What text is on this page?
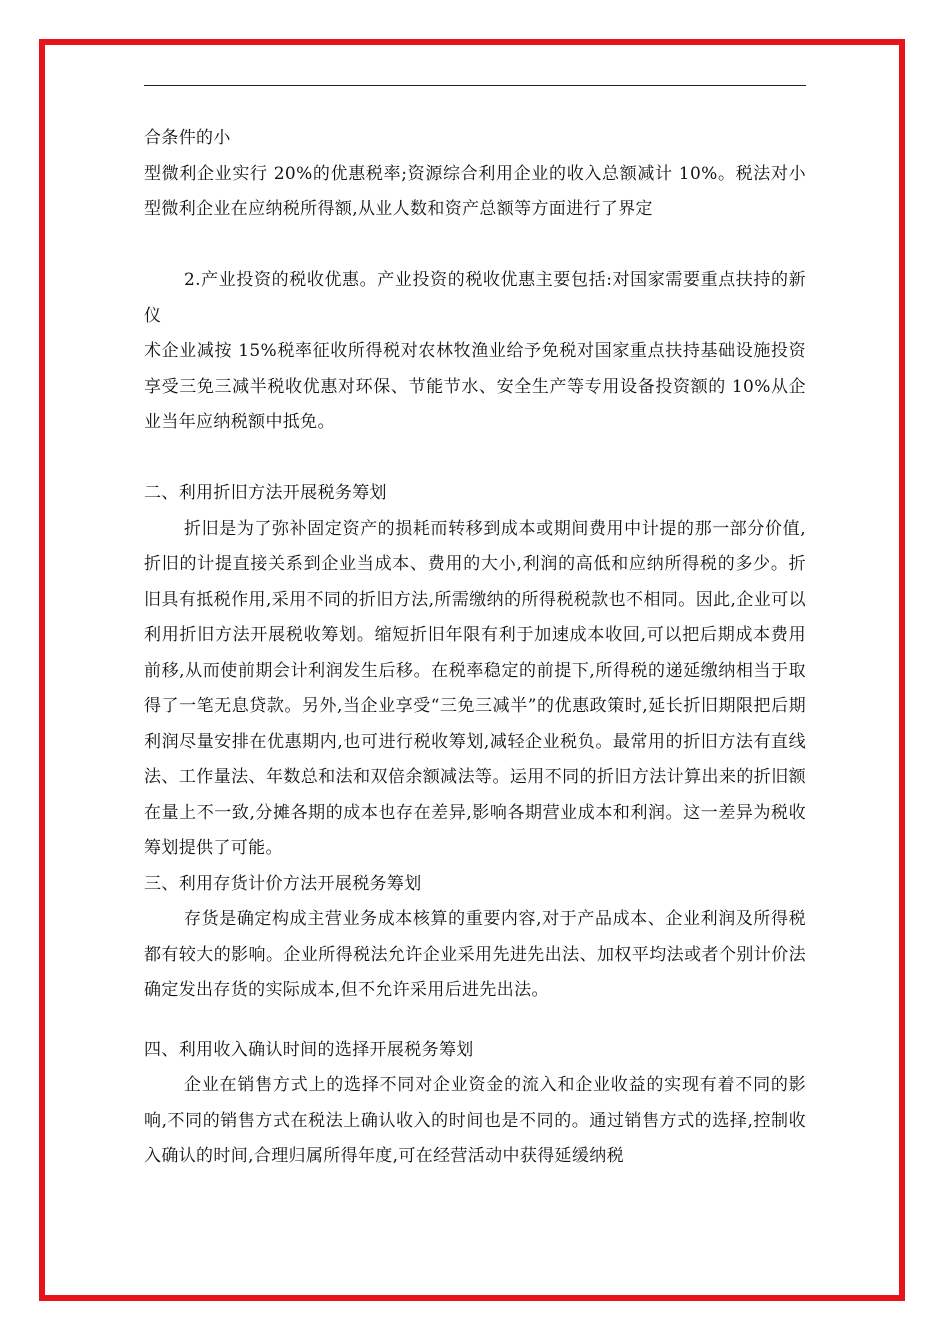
合条件的小

型微利企业实行 20%的优惠税率;资源综合利用企业的收入总额减计 10%。税法对小型微利企业在应纳税所得额,从业人数和资产总额等方面进行了界定

2.产业投资的税收优惠。产业投资的税收优惠主要包括:对国家需要重点扶持的新仪

术企业减按 15%税率征收所得税对农林牧渔业给予免税对国家重点扶持基础设施投资享受三免三减半税收优惠对环保、节能节水、安全生产等专用设备投资额的 10%从企业当年应纳税额中抵免。

二、利用折旧方法开展税务筹划

折旧是为了弥补固定资产的损耗而转移到成本或期间费用中计提的那一部分价值,折旧的计提直接关系到企业当成本、费用的大小,利润的高低和应纳所得税的多少。折旧具有抵税作用,采用不同的折旧方法,所需缴纳的所得税税款也不相同。因此,企业可以利用折旧方法开展税收筹划。缩短折旧年限有利于加速成本收回,可以把后期成本费用前移,从而使前期会计利润发生后移。在税率稳定的前提下,所得税的递延缴纳相当于取得了一笔无息贷款。另外,当企业享受“三免三减半”的优惠政策时,延长折旧期限把后期利润尽量安排在优惠期内,也可进行税收筹划,减轻企业税负。最常用的折旧方法有直线法、工作量法、年数总和法和双倍余额减法等。运用不同的折旧方法计算出来的折旧额在量上不一致,分摊各期的成本也存在差异,影响各期营业成本和利润。这一差异为税收筹划提供了可能。

三、利用存货计价方法开展税务筹划

存货是确定构成主营业务成本核算的重要内容,对于产品成本、企业利润及所得税都有较大的影响。企业所得税法允许企业采用先进先出法、加权平均法或者个别计价法确定发出存货的实际成本,但不允许采用后进先出法。

四、利用收入确认时间的选择开展税务筹划

企业在销售方式上的选择不同对企业资金的流入和企业收益的实现有着不同的影响,不同的销售方式在税法上确认收入的时间也是不同的。通过销售方式的选择,控制收入确认的时间,合理归属所得年度,可在经营活动中获得延缓纳税
